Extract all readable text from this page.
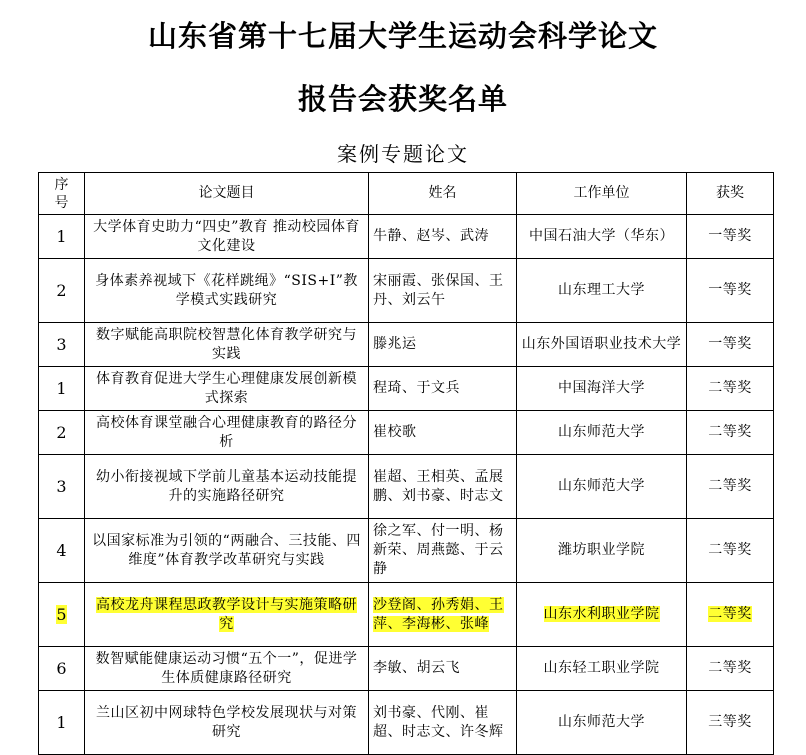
山东省第十七届大学生运动会科学论文
报告会获奖名单
案例专题论文
序
号	论文题目	姓名	工作单位	获奖
1	大学体育史助力“四史”教育 推动校园体育文化建设	牛静、赵岑、武涛	中国石油大学（华东）	一等奖
2	身体素养视域下《花样跳绳》“SIS+I”教学模式实践研究	宋丽霞、张保国、王丹、刘云午	山东理工大学	一等奖
3	数字赋能高职院校智慧化体育教学研究与实践	滕兆运	山东外国语职业技术大学	一等奖
1	体育教育促进大学生心理健康发展创新模式探索	程琦、于文兵	中国海洋大学	二等奖
2	高校体育课堂融合心理健康教育的路径分析	崔校歌	山东师范大学	二等奖
3	幼小衔接视域下学前儿童基本运动技能提升的实施路径研究	崔超、王相英、孟展鹏、刘书豪、时志文	山东师范大学	二等奖
4	以国家标准为引领的“两融合、三技能、四维度”体育教学改革研究与实践	徐之军、付一明、杨新荣、周燕懿、于云静	潍坊职业学院	二等奖
5	高校龙舟课程思政教学设计与实施策略研究	沙登阁、孙秀娟、王萍、李海彬、张峰	山东水利职业学院	二等奖
6	数智赋能健康运动习惯“五个一”，促进学生体质健康路径研究	李敏、胡云飞	山东轻工职业学院	二等奖
1	兰山区初中网球特色学校发展现状与对策研究	刘书豪、代刚、崔超、时志文、许冬辉	山东师范大学	三等奖
